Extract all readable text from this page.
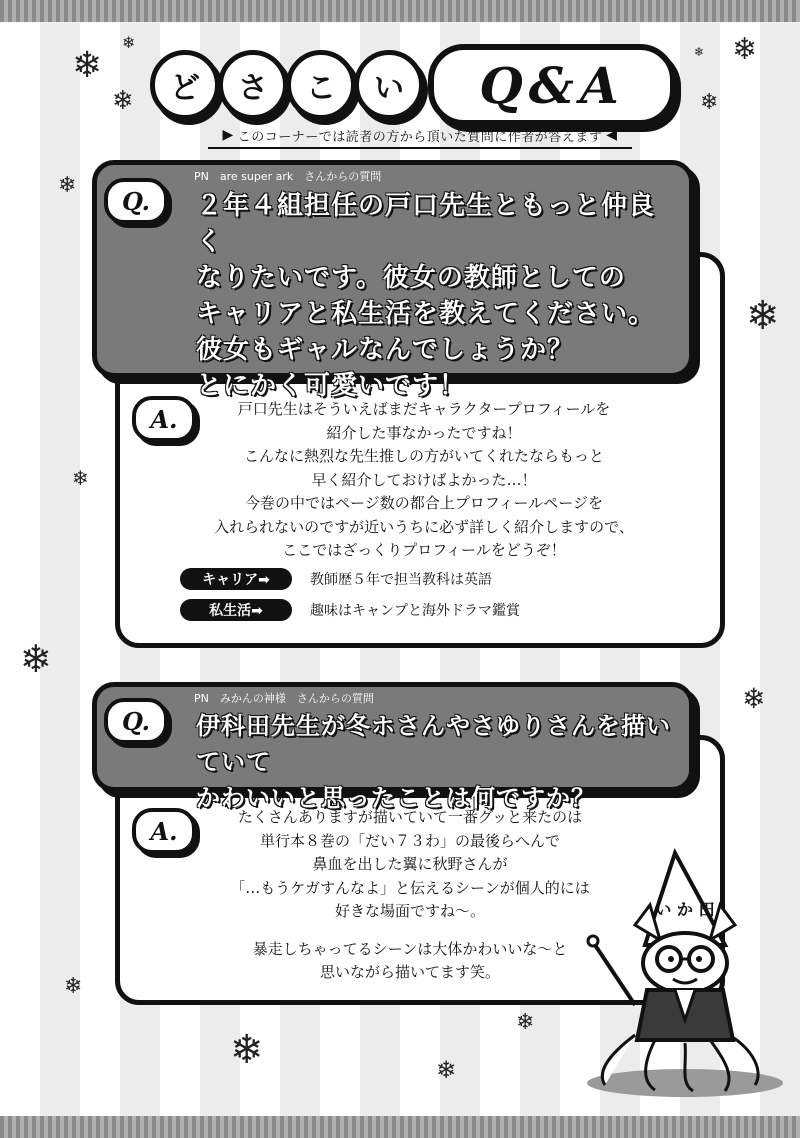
❄
❄
❄
❄
❄
❄
❄
❄
❄
❄
❄
❄
❄
❄
❄
ど	さ	こ	い	Q&A
▶ このコーナーでは読者の方から頂いた質問に作者が答えます ◀
Q.
PN　are super ark　さんからの質問
２年４組担任の戸口先生ともっと仲良く
なりたいです。彼女の教師としての
キャリアと私生活を教えてください。
彼女もギャルなんでしょうか？
とにかく可愛いです！
A.	戸口先生はそういえばまだキャラクタープロフィールを

紹介した事なかったですね！

こんなに熱烈な先生推しの方がいてくれたならもっと

早く紹介しておけばよかった…！

今巻の中ではページ数の都合上プロフィールページを

入れられないのですが近いうちに必ず詳しく紹介しますので、

ここではざっくりプロフィールをどうぞ！

キャリア➡	教師歴５年で担当教科は英語
私生活➡	趣味はキャンプと海外ドラマ鑑賞
Q.
PN　みかんの神様　さんからの質問
伊科田先生が冬ホさんやさゆりさんを描いていて
かわいいと思ったことは何ですか？
A.	たくさんありますが描いていて一番グッと来たのは

単行本８巻の「だい７３わ」の最後らへんで

鼻血を出した翼に秋野さんが

「…もうケガすんなよ」と伝えるシーンが個人的には

好きな場面ですね～。

暴走しちゃってるシーンは大体かわいいな～と

思いながら描いてます笑。

い か 田
